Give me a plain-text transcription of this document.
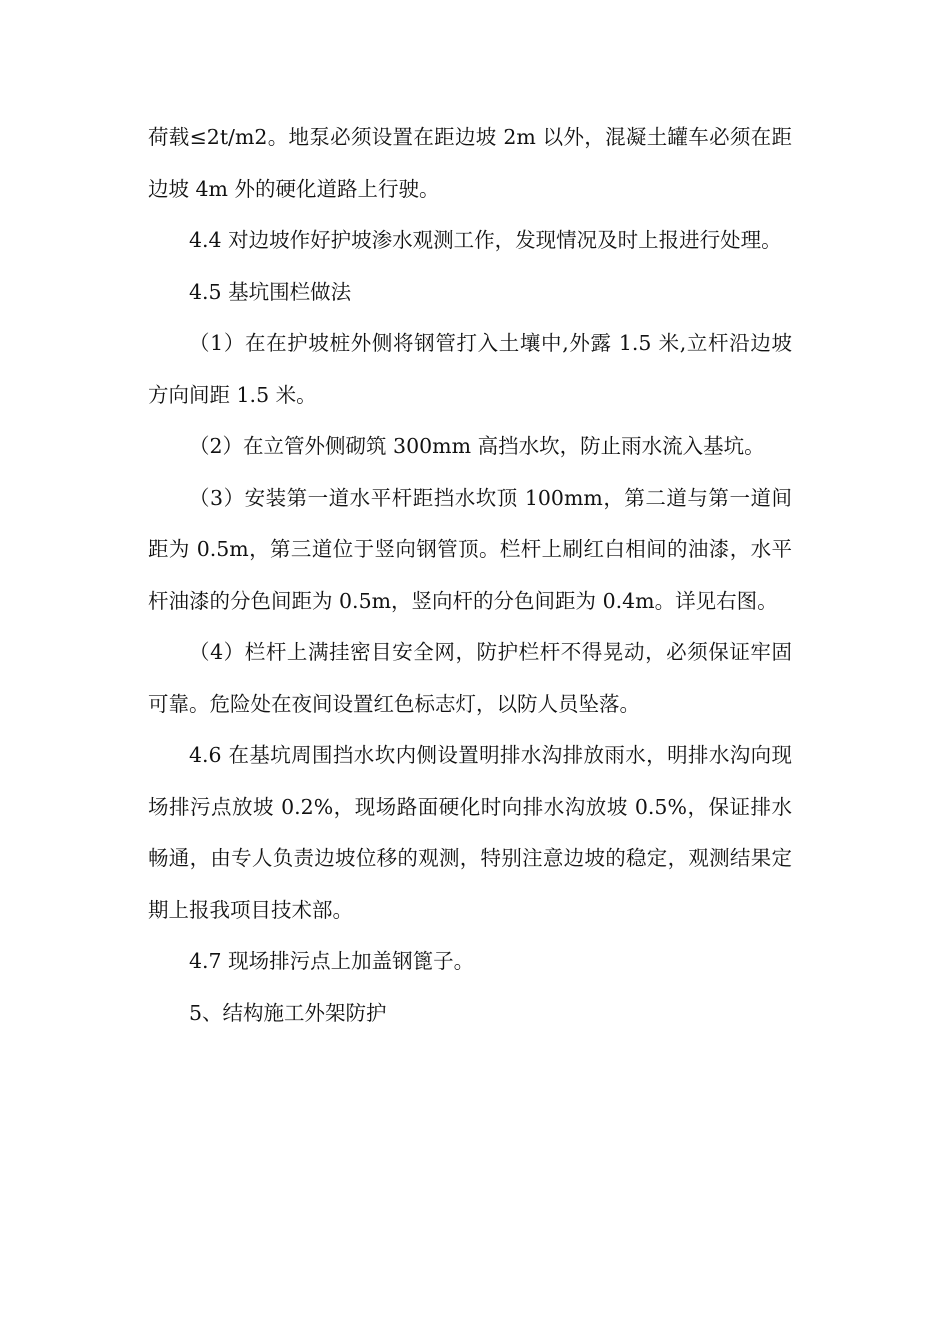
荷载≤2t/m2。地泵必须设置在距边坡 2m 以外，混凝土罐车必须在距边坡 4m 外的硬化道路上行驶。

4.4 对边坡作好护坡渗水观测工作，发现情况及时上报进行处理。

4.5 基坑围栏做法

（1）在在护坡桩外侧将钢管打入土壤中,外露 1.5 米,立杆沿边坡方向间距 1.5 米。

（2）在立管外侧砌筑 300mm 高挡水坎，防止雨水流入基坑。

（3）安装第一道水平杆距挡水坎顶 100mm，第二道与第一道间距为 0.5m，第三道位于竖向钢管顶。栏杆上刷红白相间的油漆，水平杆油漆的分色间距为 0.5m，竖向杆的分色间距为 0.4m。详见右图。

（4）栏杆上满挂密目安全网，防护栏杆不得晃动，必须保证牢固可靠。危险处在夜间设置红色标志灯，以防人员坠落。

4.6 在基坑周围挡水坎内侧设置明排水沟排放雨水，明排水沟向现场排污点放坡 0.2%，现场路面硬化时向排水沟放坡 0.5%，保证排水畅通，由专人负责边坡位移的观测，特别注意边坡的稳定，观测结果定期上报我项目技术部。

4.7 现场排污点上加盖钢篦子。

5、结构施工外架防护
